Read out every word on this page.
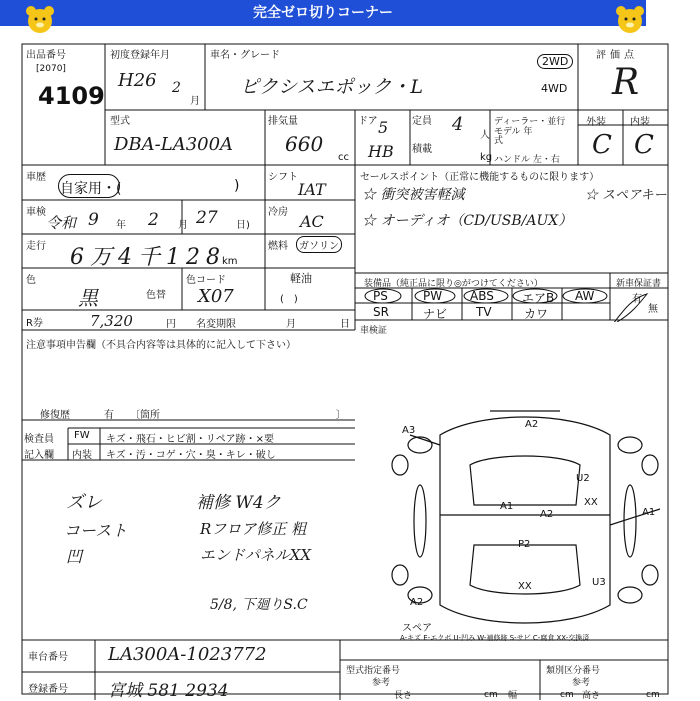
完全ゼロ切りコーナー
出品番号
[2070]
4109
初度登録年月
H26 2
月
車名・グレード
ピクシスエポック・L
2WD
4WD
評価点
R
外装 内装
C C
型式
DBA-LA300A
排気量
660
cc
ドア 5
HB
定員 4
人
積載
kg
ディーラー・並行
モデル 年式
ハンドル 左・右
車歴
自家用・(	)
車検
令和 9 年 2 月 27 日)
走行 6万4千128
km
色
黒	色替
色コード
X07
シフト
IAT
冷房 AC
燃料	ガソリン
軽油
(　)
セールスポイント（正常に機能するものに限ります）
☆ 衝突被害軽減	☆ スペアキー
☆ オーディオ（CD/USB/AUX）
装備品（純正品に限り◎がつけてください）	新車保証書
有
無
PS	PW ABS エアB AW
SR	ナビ TV	カワ
車検証
R券	7,320	円 名変期限	月	日
注意事項申告欄（不具合内容等は具体的に記入して下さい）
修復歴	有 〔箇所	〕
検査員
記入欄
FW
内装
キズ・飛石・ヒビ割・リペア跡・×要
キズ・汚・コゲ・穴・臭・キレ・破し
ズレ
コースト
凹
補修 W4ク
Rフロア修正 粗
エンドパネルXX
5/8, 下廻りS.C
A3
A2
A1
U2
XX
A1
P2
A2
XX	U3
A2
スペア
A-キズ E-エクボ U-凹み W-補修跡 S-サビ C-腐食 XX-交換済
車台番号 LA300A-1023772
登録番号 宮城 581 2934
型式指定番号	類別区分番号
参考	参考
長さ	cm 幅	cm 高さ	cm
